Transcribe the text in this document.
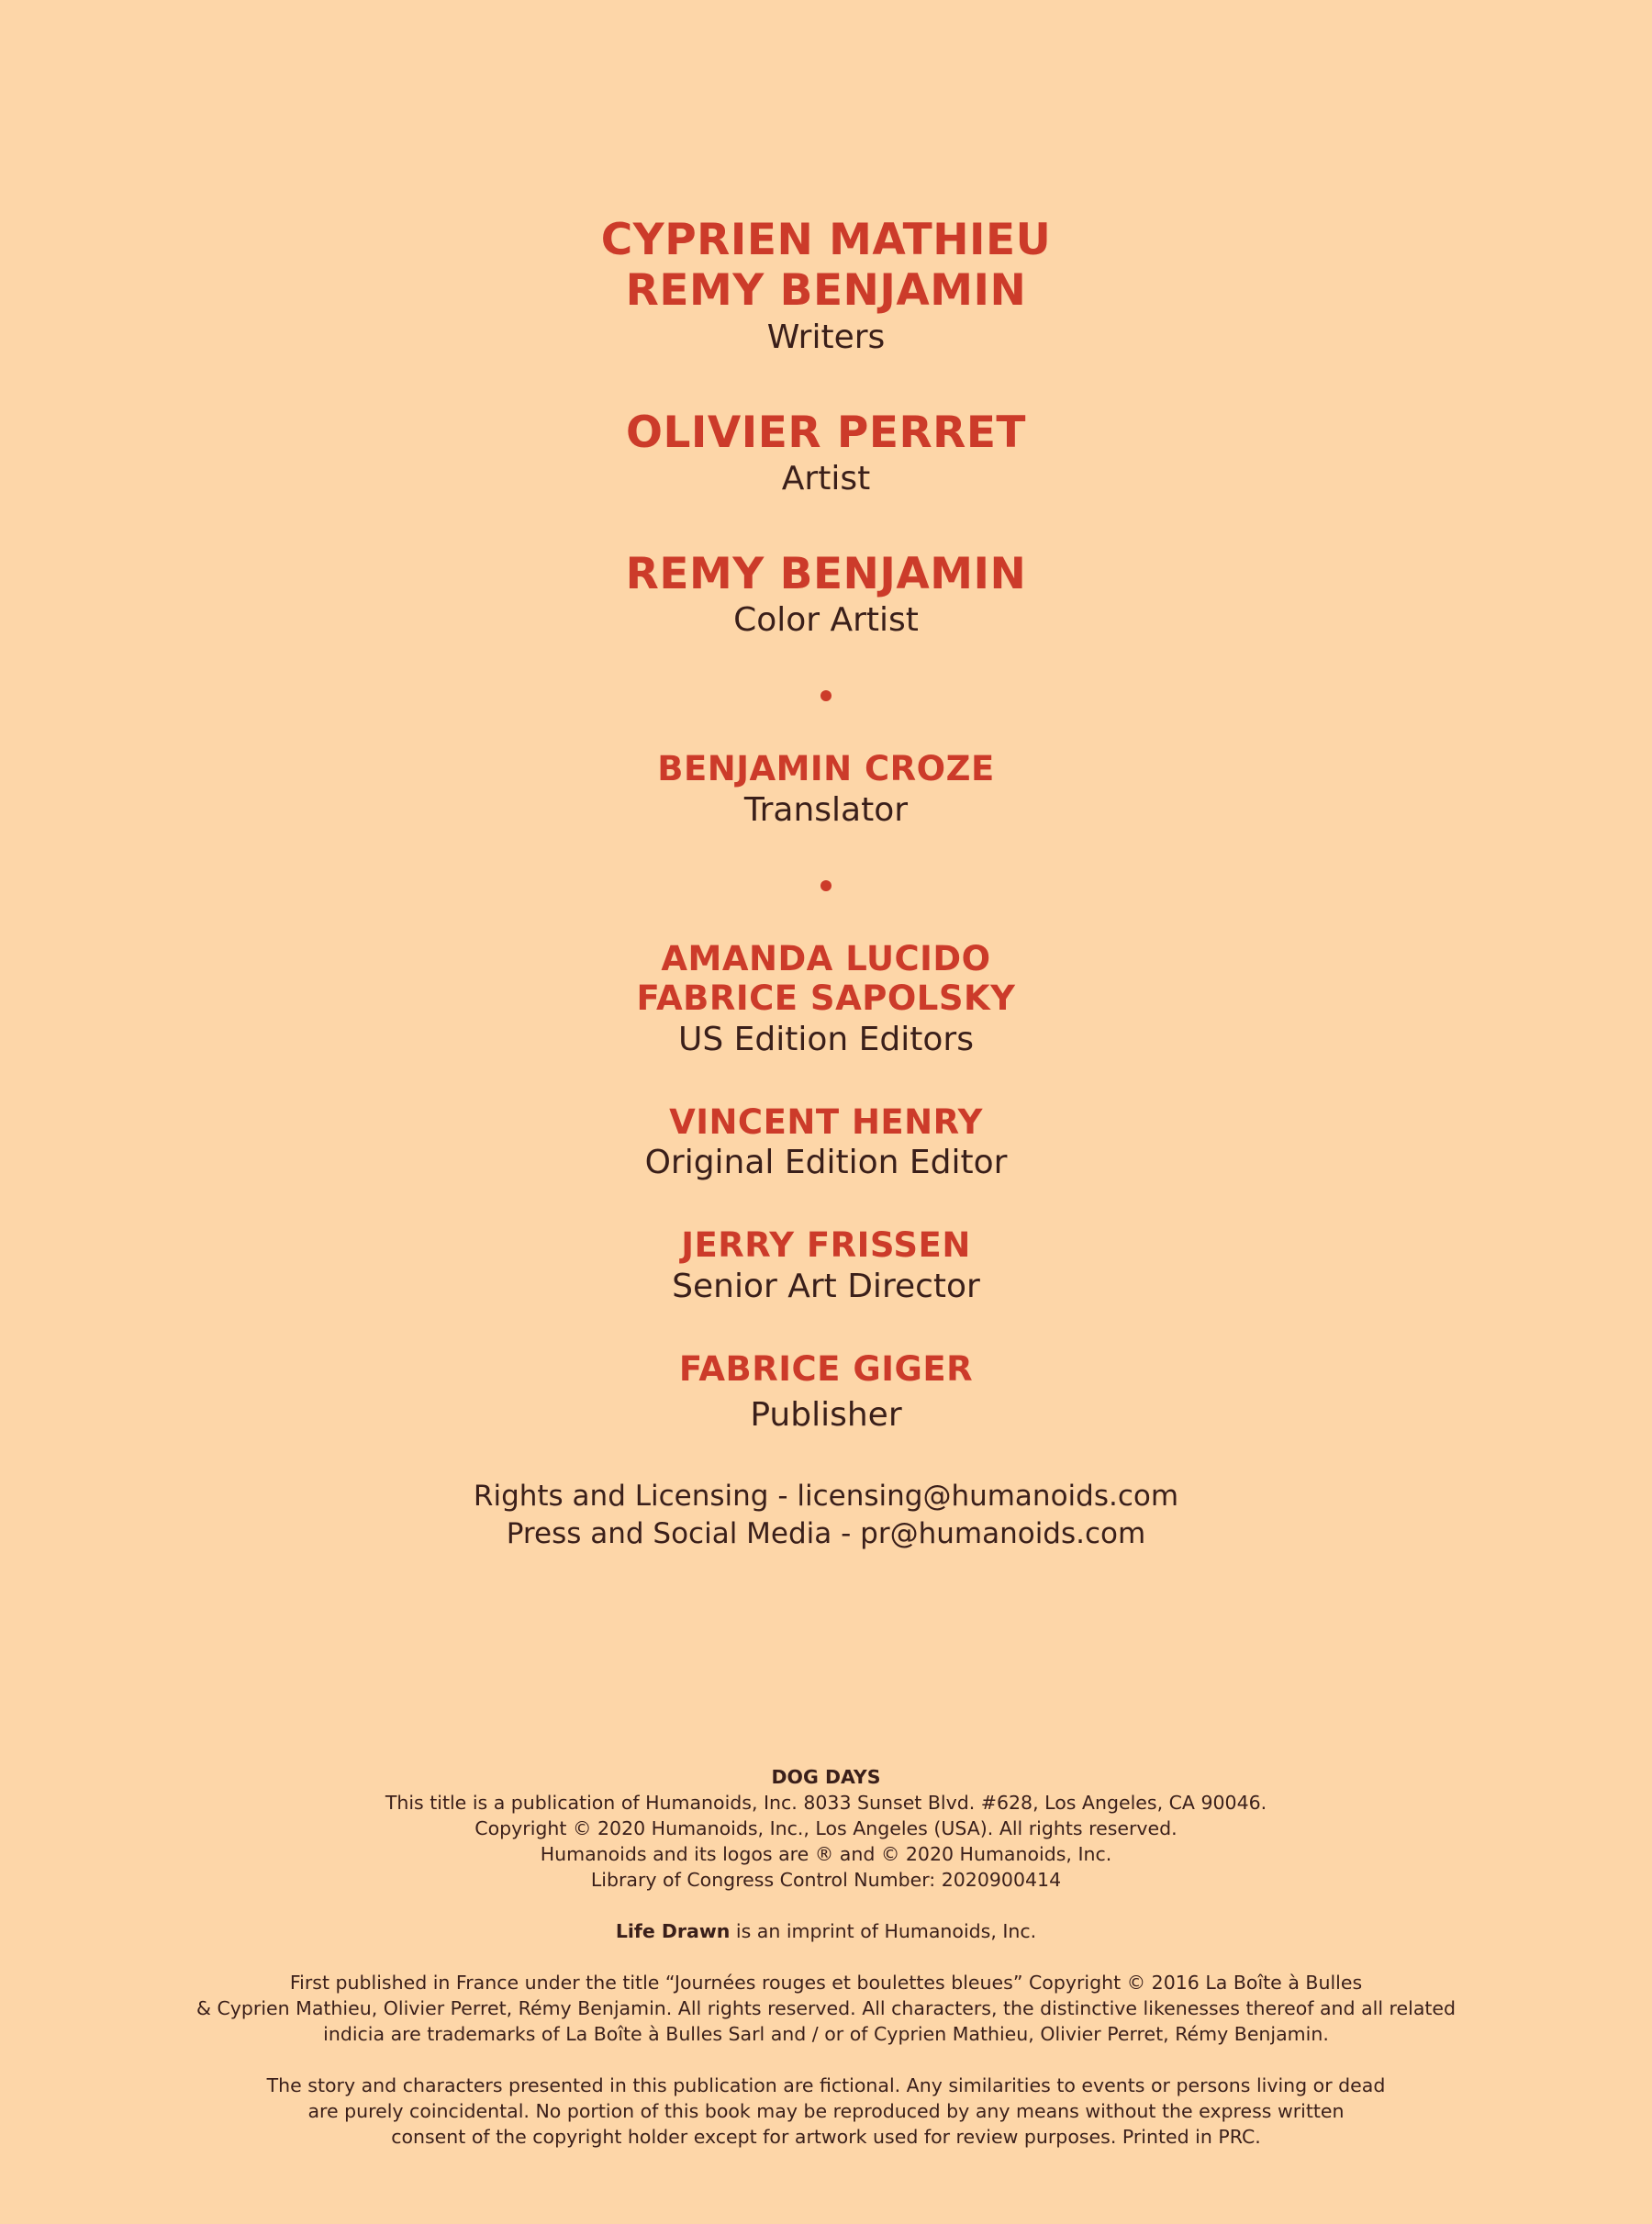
CYPRIEN MATHIEU

REMY BENJAMIN

Writers

OLIVIER PERRET

Artist

REMY BENJAMIN

Color Artist

BENJAMIN CROZE

Translator

AMANDA LUCIDO

FABRICE SAPOLSKY

US Edition Editors

VINCENT HENRY

Original Edition Editor

JERRY FRISSEN

Senior Art Director

FABRICE GIGER

Publisher

Rights and Licensing - licensing@humanoids.com
Press and Social Media - pr@humanoids.com

DOG DAYS

This title is a publication of Humanoids, Inc. 8033 Sunset Blvd. #628, Los Angeles, CA 90046.

Copyright © 2020 Humanoids, Inc., Los Angeles (USA). All rights reserved.

Humanoids and its logos are ® and © 2020 Humanoids, Inc.

Library of Congress Control Number: 2020900414

Life Drawn is an imprint of Humanoids, Inc.

First published in France under the title “Journées rouges et boulettes bleues” Copyright © 2016 La Boîte à Bulles

& Cyprien Mathieu, Olivier Perret, Rémy Benjamin. All rights reserved. All characters, the distinctive likenesses thereof and all related

indicia are trademarks of La Boîte à Bulles Sarl and / or of Cyprien Mathieu, Olivier Perret, Rémy Benjamin.

The story and characters presented in this publication are fictional. Any similarities to events or persons living or dead

are purely coincidental. No portion of this book may be reproduced by any means without the express written

consent of the copyright holder except for artwork used for review purposes. Printed in PRC.
